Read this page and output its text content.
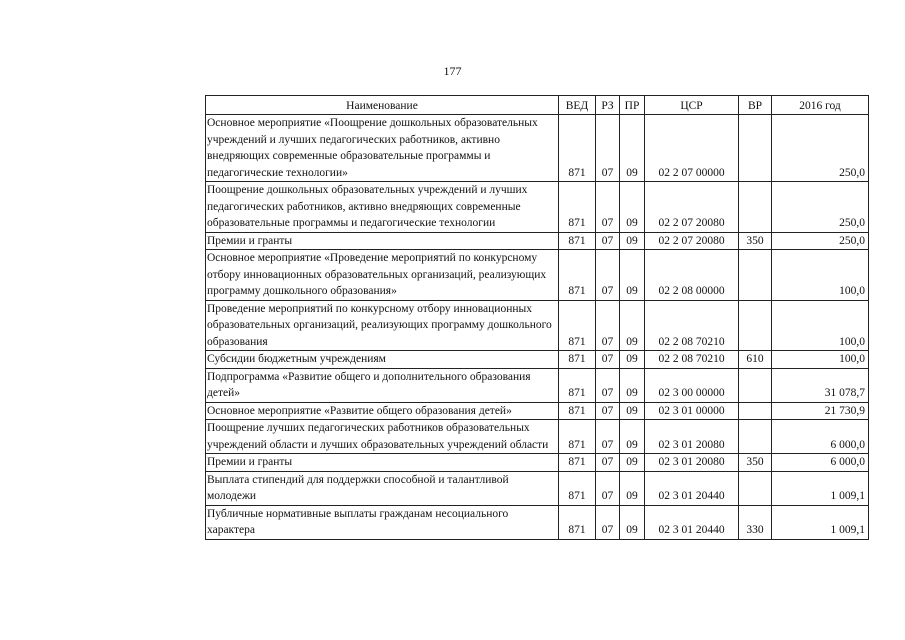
177
Наименование	ВЕД	РЗ	ПР	ЦСР	ВР	2016 год
Основное мероприятие «Поощрение дошкольных образовательных учреждений и лучших педагогических работников, активно внедряющих современные образовательные программы и педагогические технологии»	871	07	09	02 2 07 00000		250,0
Поощрение дошкольных образовательных учреждений и лучших педагогических работников, активно внедряющих современные образовательные программы и педагогические технологии	871	07	09	02 2 07 20080		250,0
Премии и гранты	871	07	09	02 2 07 20080	350	250,0
Основное мероприятие «Проведение мероприятий по конкурсному отбору инновационных образовательных организаций, реализующих программу дошкольного образования»	871	07	09	02 2 08 00000		100,0
Проведение мероприятий по конкурсному отбору инновационных образовательных организаций, реализующих программу дошкольного образования	871	07	09	02 2 08 70210		100,0
Субсидии бюджетным учреждениям	871	07	09	02 2 08 70210	610	100,0
Подпрограмма «Развитие общего и дополнительного образования детей»	871	07	09	02 3 00 00000		31 078,7
Основное мероприятие «Развитие общего образования детей»	871	07	09	02 3 01 00000		21 730,9
Поощрение лучших педагогических работников образовательных учреждений области и лучших образовательных учреждений области	871	07	09	02 3 01 20080		6 000,0
Премии и гранты	871	07	09	02 3 01 20080	350	6 000,0
Выплата стипендий для поддержки способной и талантливой молодежи	871	07	09	02 3 01 20440		1 009,1
Публичные нормативные выплаты гражданам несоциального характера	871	07	09	02 3 01 20440	330	1 009,1
